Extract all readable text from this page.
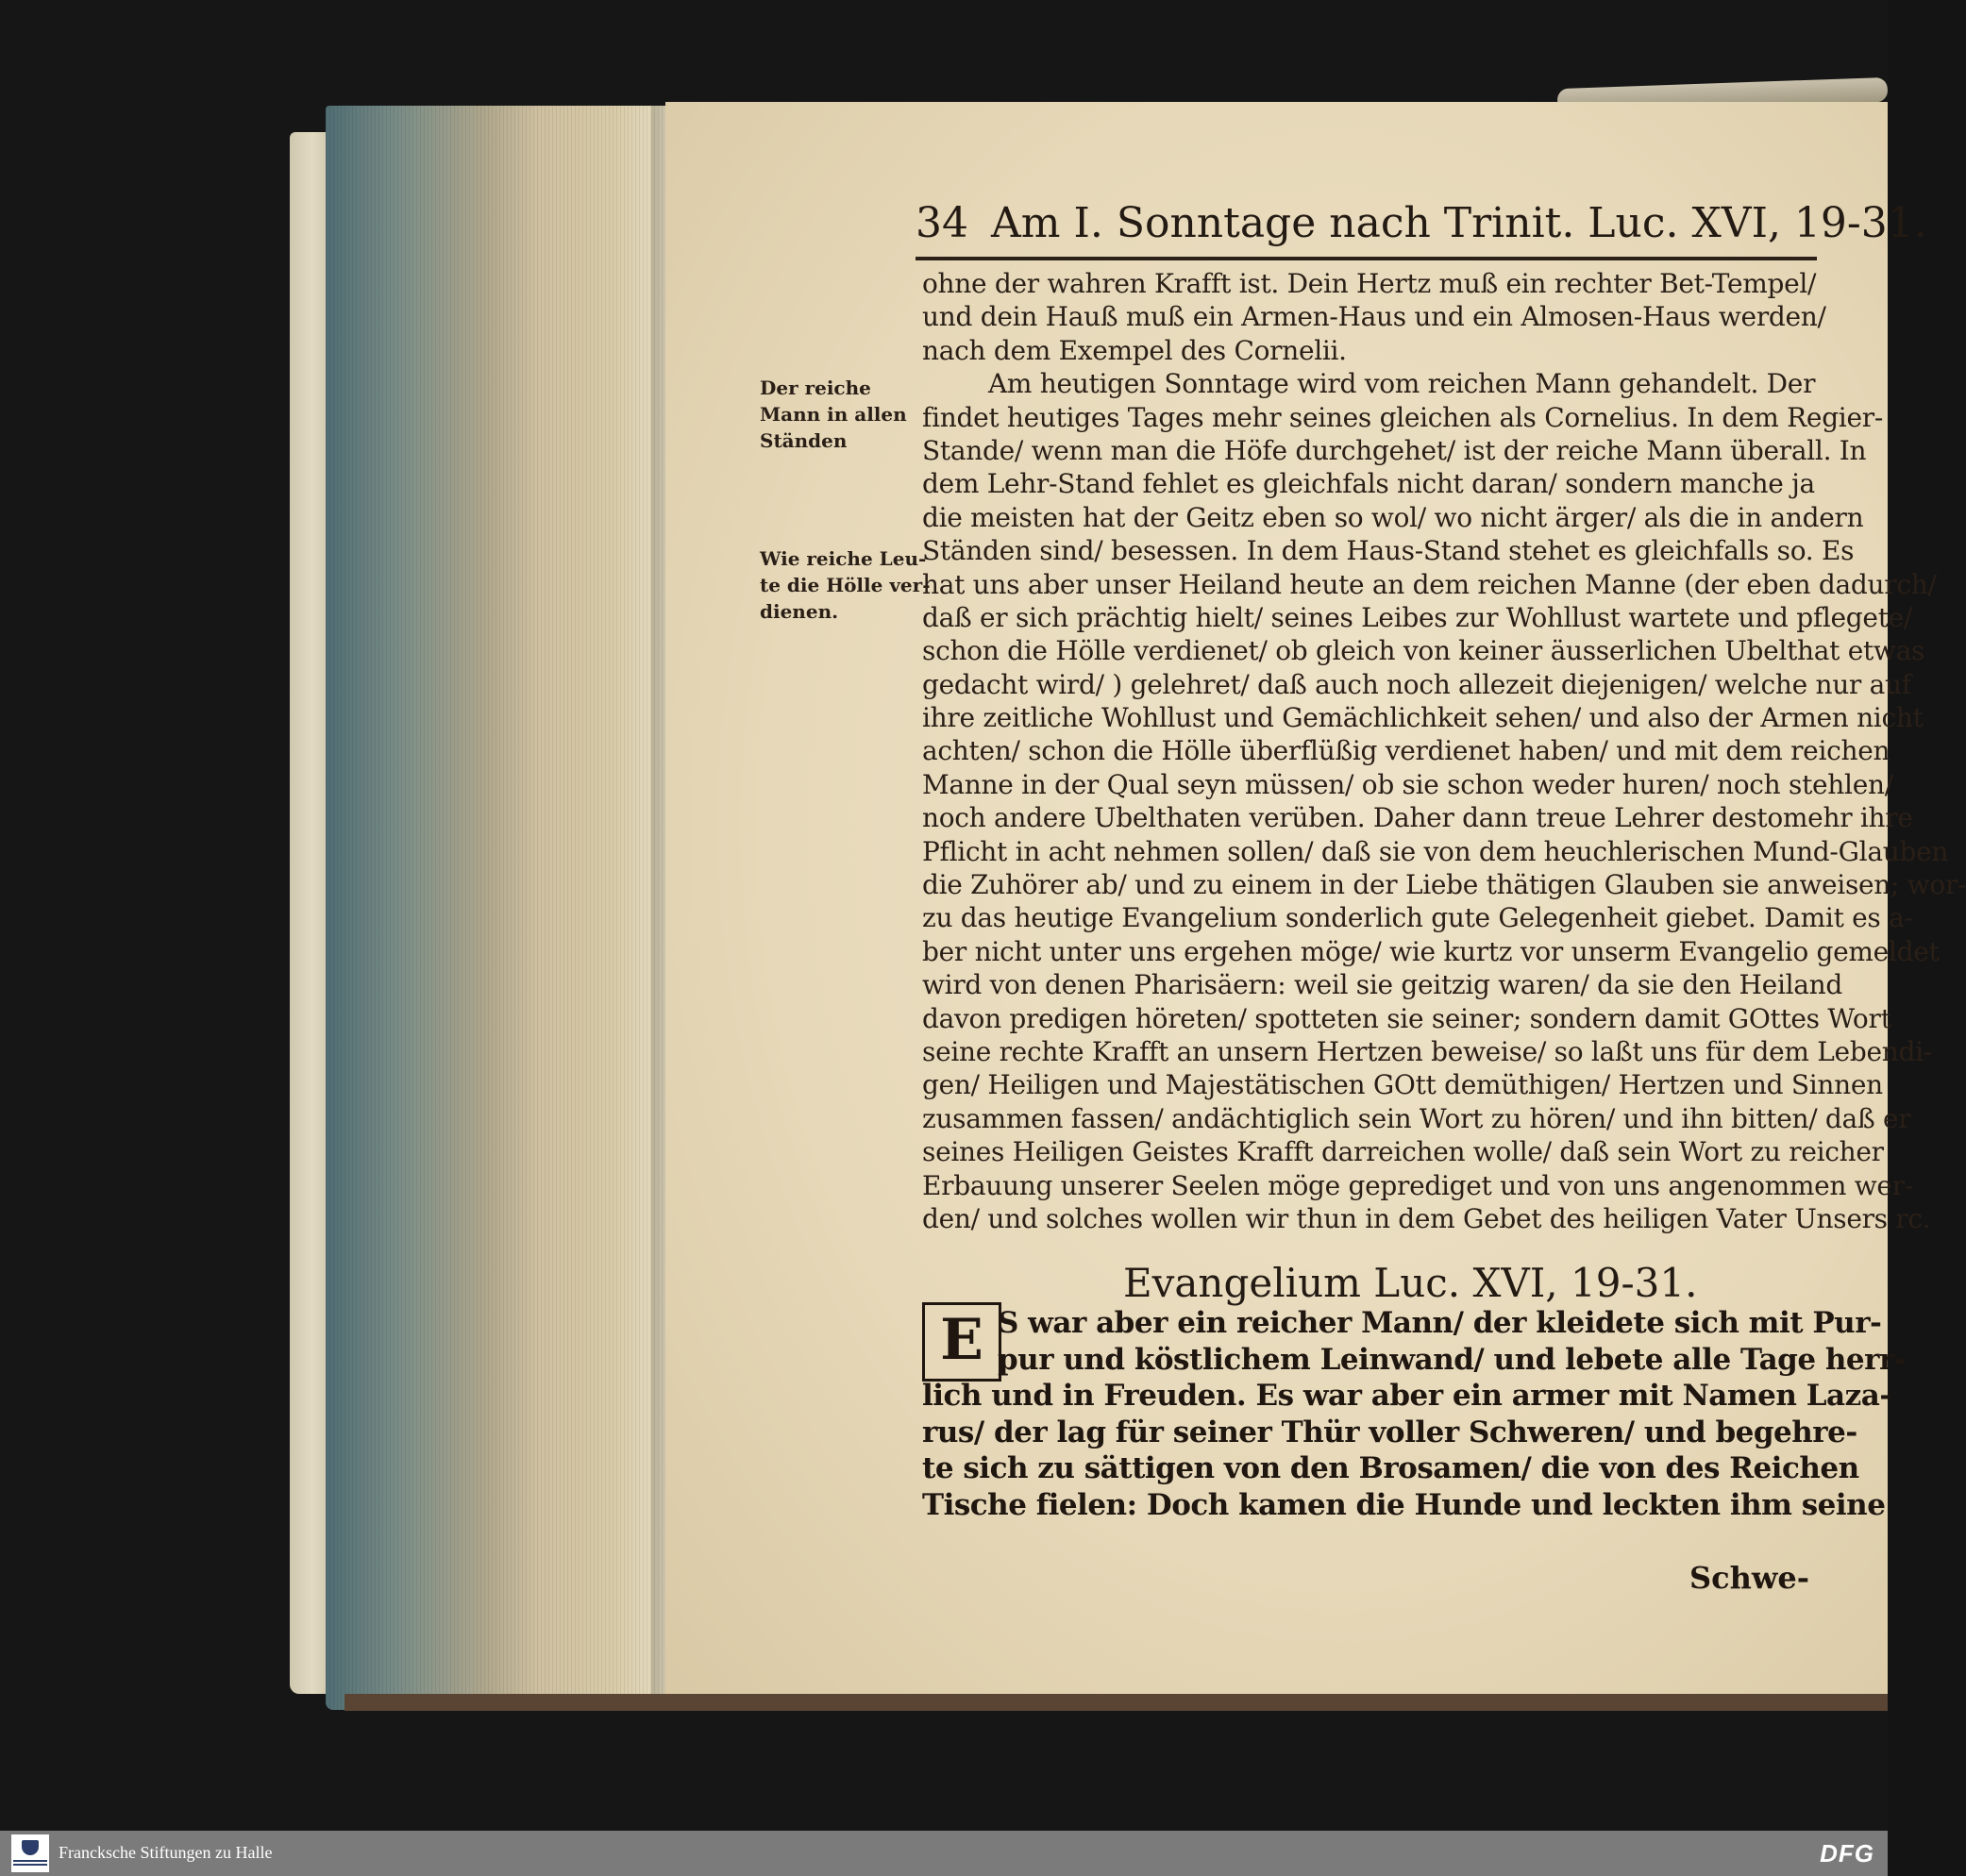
34 Am I. Sonntage nach Trinit. Luc. XVI, 19-31.
Der reiche
Mann in allen
Ständen
Wie reiche Leu-
te die Hölle ver-
dienen.
ohne der wahren Krafft ist. Dein Hertz muß ein rechter Bet-Tempel/
und dein Hauß muß ein Armen-Haus und ein Almosen-Haus werden/
nach dem Exempel des Cornelii.
Am heutigen Sonntage wird vom reichen Mann gehandelt. Der
findet heutiges Tages mehr seines gleichen als Cornelius. In dem Regier-
Stande/ wenn man die Höfe durchgehet/ ist der reiche Mann überall. In
dem Lehr-Stand fehlet es gleichfals nicht daran/ sondern manche ja
die meisten hat der Geitz eben so wol/ wo nicht ärger/ als die in andern
Ständen sind/ besessen. In dem Haus-Stand stehet es gleichfalls so. Es
hat uns aber unser Heiland heute an dem reichen Manne (der eben dadurch/
daß er sich prächtig hielt/ seines Leibes zur Wohllust wartete und pflegete/
schon die Hölle verdienet/ ob gleich von keiner äusserlichen Ubelthat etwas
gedacht wird/ ) gelehret/ daß auch noch allezeit diejenigen/ welche nur auf
ihre zeitliche Wohllust und Gemächlichkeit sehen/ und also der Armen nicht
achten/ schon die Hölle überflüßig verdienet haben/ und mit dem reichen
Manne in der Qual seyn müssen/ ob sie schon weder huren/ noch stehlen/
noch andere Ubelthaten verüben. Daher dann treue Lehrer destomehr ihre
Pflicht in acht nehmen sollen/ daß sie von dem heuchlerischen Mund-Glauben
die Zuhörer ab/ und zu einem in der Liebe thätigen Glauben sie anweisen; wor-
zu das heutige Evangelium sonderlich gute Gelegenheit giebet. Damit es a-
ber nicht unter uns ergehen möge/ wie kurtz vor unserm Evangelio gemeldet
wird von denen Pharisäern: weil sie geitzig waren/ da sie den Heiland
davon predigen höreten/ spotteten sie seiner; sondern damit GOttes Wort
seine rechte Krafft an unsern Hertzen beweise/ so laßt uns für dem Lebendi-
gen/ Heiligen und Majestätischen GOtt demüthigen/ Hertzen und Sinnen
zusammen fassen/ andächtiglich sein Wort zu hören/ und ihn bitten/ daß er
seines Heiligen Geistes Krafft darreichen wolle/ daß sein Wort zu reicher
Erbauung unserer Seelen möge geprediget und von uns angenommen wer-
den/ und solches wollen wir thun in dem Gebet des heiligen Vater Unsers rc.
Evangelium Luc. XVI, 19-31.
S war aber ein reicher Mann/ der kleidete sich mit Pur-
pur und köstlichem Leinwand/ und lebete alle Tage herr-
lich und in Freuden. Es war aber ein armer mit Namen Laza-
rus/ der lag für seiner Thür voller Schweren/ und begehre-
te sich zu sättigen von den Brosamen/ die von des Reichen
Tische fielen: Doch kamen die Hunde und leckten ihm seine
E
Schwe-
Francksche Stiftungen zu Halle	DFG
